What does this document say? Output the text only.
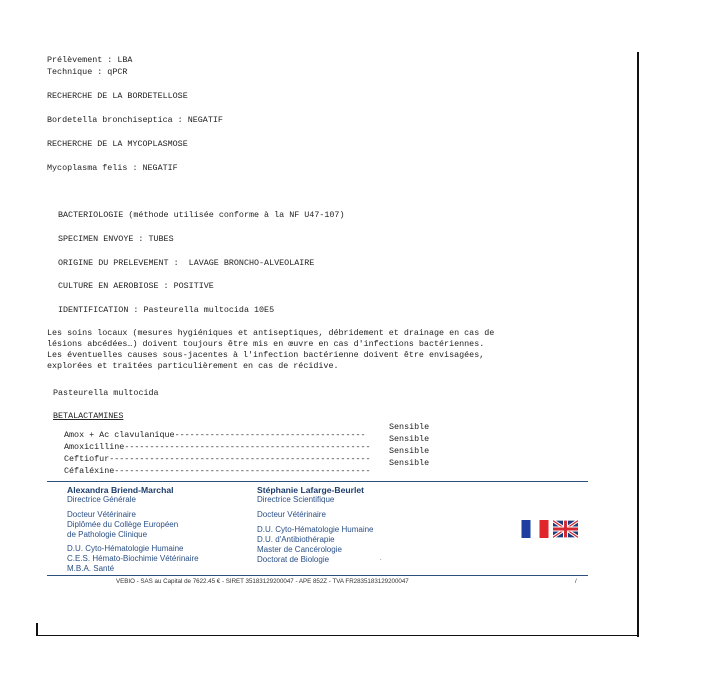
Prélèvement : LBA
Technique : qPCR
RECHERCHE DE LA BORDETELLOSE
Bordetella bronchiseptica : NEGATIF
RECHERCHE DE LA MYCOPLASMOSE
Mycoplasma felis : NEGATIF
BACTERIOLOGIE (méthode utilisée conforme à la NF U47-107)
SPECIMEN ENVOYE : TUBES
ORIGINE DU PRELEVEMENT :  LAVAGE BRONCHO-ALVEOLAIRE
CULTURE EN AEROBIOSE : POSITIVE
IDENTIFICATION : Pasteurella multocida 10E5
Les soins locaux (mesures hygiéniques et antiseptiques, débridement et drainage en cas de
lésions abcédées…) doivent toujours être mis en œuvre en cas d'infections bactériennes.
Les éventuelles causes sous-jacentes à l'infection bactérienne doivent être envisagées,
explorées et traitées particulièrement en cas de récidive.
Pasteurella multocida
BETALACTAMINES
Amox + Ac clavulanique--------------------------------------
Sensible
Amoxicilline-------------------------------------------------
Sensible
Ceftiofur----------------------------------------------------
Sensible
Céfaléxine---------------------------------------------------
Sensible
Alexandra Briend-Marchal
Directrice Générale
Docteur Vétérinaire
Diplômée du Collège Européen
de Pathologie Clinique
D.U. Cyto-Hématologie Humaine
C.E.S. Hémato-Biochimie Vétérinaire
M.B.A. Santé
Stéphanie Lafarge-Beurlet
Directrice Scientifique
Docteur Vétérinaire
D.U. Cyto-Hématologie Humaine
D.U. d'Antibiothérapie
Master de Cancérologie
Doctorat de Biologie	.
VEBIO - SAS au Capital de 7622.45 € - SIRET 35183129200047 - APE 852Z - TVA FR2835183129200047	/
